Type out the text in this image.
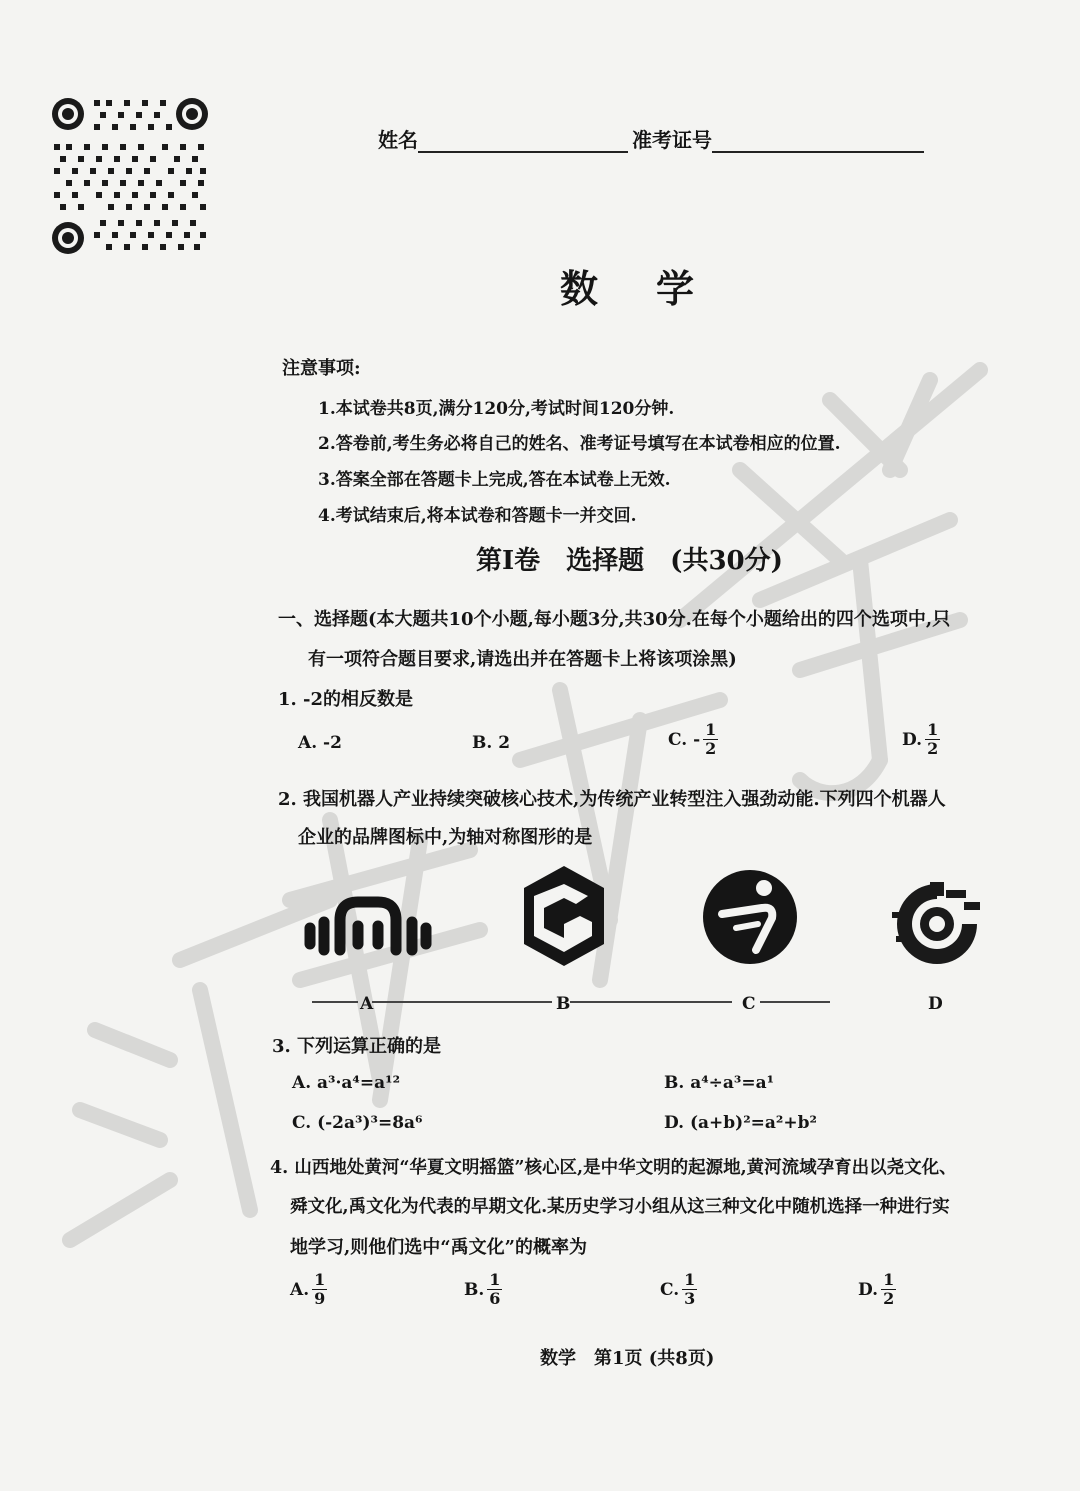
姓名	准考证号
数学
注意事项:
1.本试卷共8页,满分120分,考试时间120分钟.
2.答卷前,考生务必将自己的姓名、准考证号填写在本试卷相应的位置.
3.答案全部在答题卡上完成,答在本试卷上无效.
4.考试结束后,将本试卷和答题卡一并交回.
第Ⅰ卷　选择题　(共30分)
一、选择题(本大题共10个小题,每小题3分,共30分.在每个小题给出的四个选项中,只
有一项符合题目要求,请选出并在答题卡上将该项涂黑)
1. -2的相反数是
A. -2	B. 2	C. - $\frac{1}{2}$	D. $\frac{1}{2}$
2. 我国机器人产业持续突破核心技术,为传统产业转型注入强劲动能.下列四个机器人
企业的品牌图标中,为轴对称图形的是
A	B	C	D
3. 下列运算正确的是
A. a³·a⁴=a¹²	B. a⁴÷a³=a¹
C. (-2a³)³=8a⁶	D. (a+b)²=a²+b²
4. 山西地处黄河“华夏文明摇篮”核心区,是中华文明的起源地,黄河流域孕育出以尧文化、
舜文化,禹文化为代表的早期文化.某历史学习小组从这三种文化中随机选择一种进行实
地学习,则他们选中“禹文化”的概率为
A. $\frac{1}{9}$	B. $\frac{1}{6}$	C. $\frac{1}{3}$	D. $\frac{1}{2}$
数学　第1页 (共8页)
